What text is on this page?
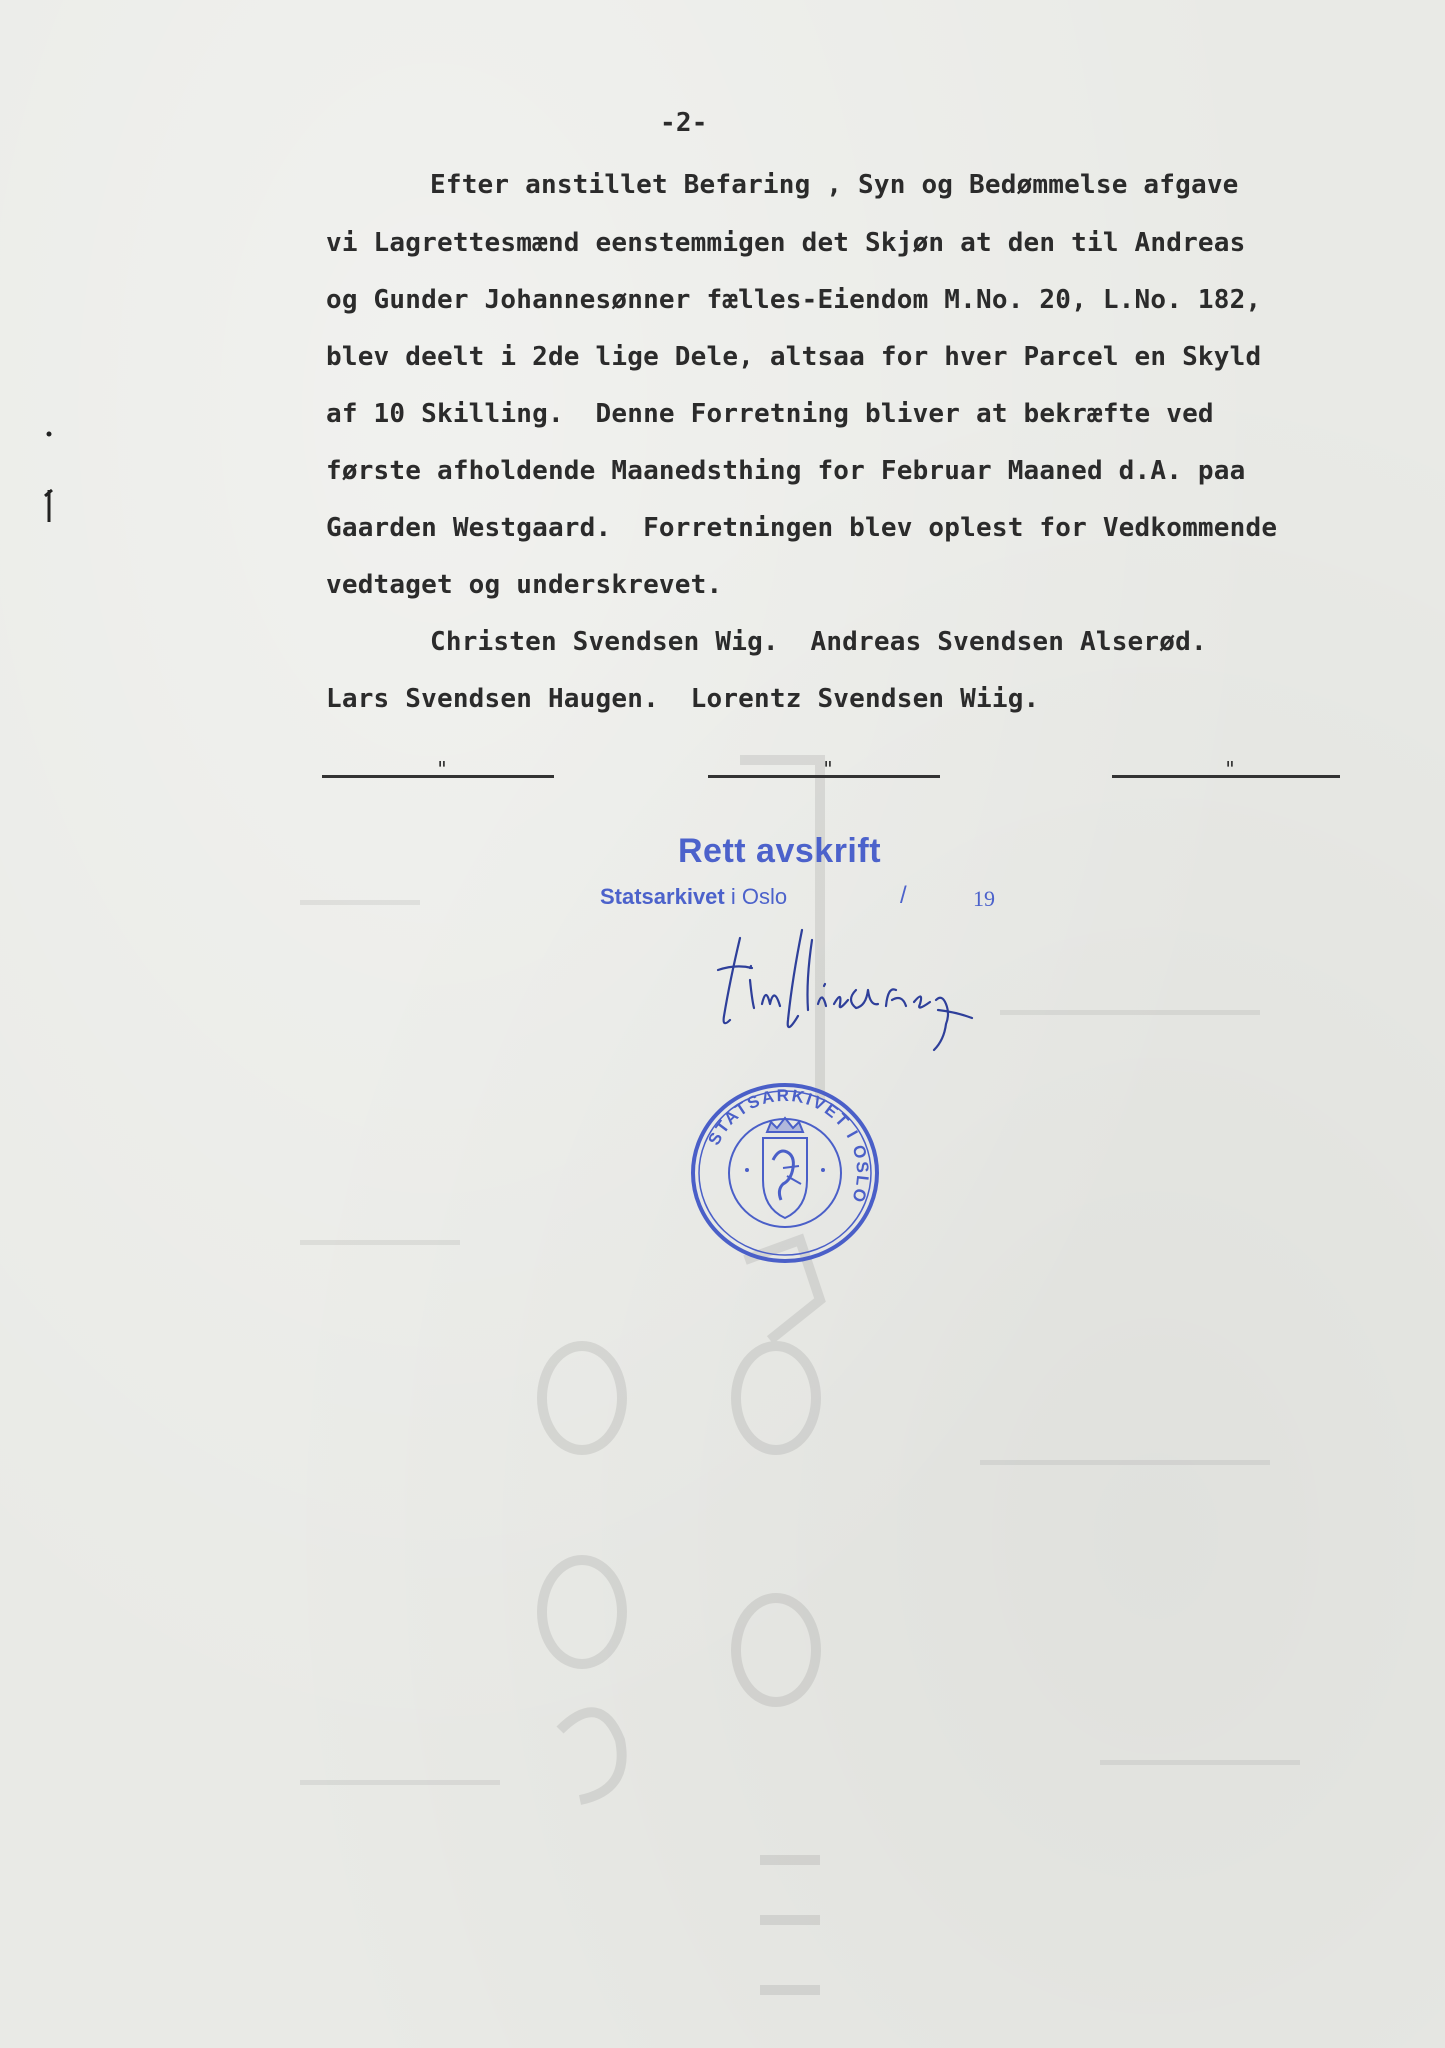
-2-

Efter anstillet Befaring , Syn og Bedømmelse afgave

vi Lagrettesmænd eenstemmigen det Skjøn at den til Andreas

og Gunder Johannesønner fælles-Eiendom M.No. 20, L.No. 182,

blev deelt i 2de lige Dele, altsaa for hver Parcel en Skyld

af 10 Skilling.  Denne Forretning bliver at bekræfte ved

første afholdende Maanedsthing for Februar Maaned d.A. paa

Gaarden Westgaard.  Forretningen blev oplest for Vedkommende

vedtaget og underskrevet.

Christen Svendsen Wig.  Andreas Svendsen Alserød.

Lars Svendsen Haugen.  Lorentz Svendsen Wiig.

"	"	"
Rett avskrift
Statsarkivet i Oslo	/	19
STATSARKIVET I OSLO
